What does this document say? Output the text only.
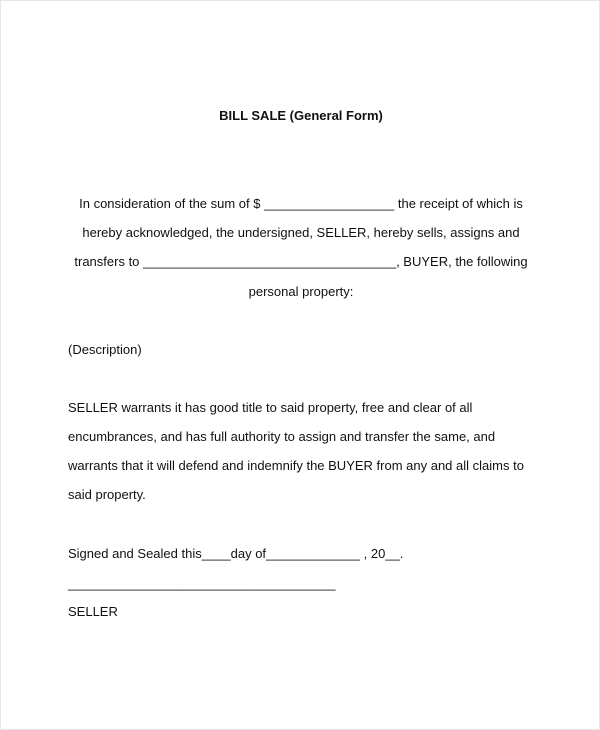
BILL SALE (General Form)
In consideration of the sum of $ __________________ the receipt of which is
hereby acknowledged, the undersigned, SELLER, hereby sells, assigns and
transfers to ___________________________________, BUYER, the following
personal property:
(Description)
SELLER warrants it has good title to said property, free and clear of all
encumbrances, and has full authority to assign and transfer the same, and
warrants that it will defend and indemnify the BUYER from any and all claims to
said property.
Signed and Sealed this____day of_____________ , 20__.
_____________________________________
SELLER
